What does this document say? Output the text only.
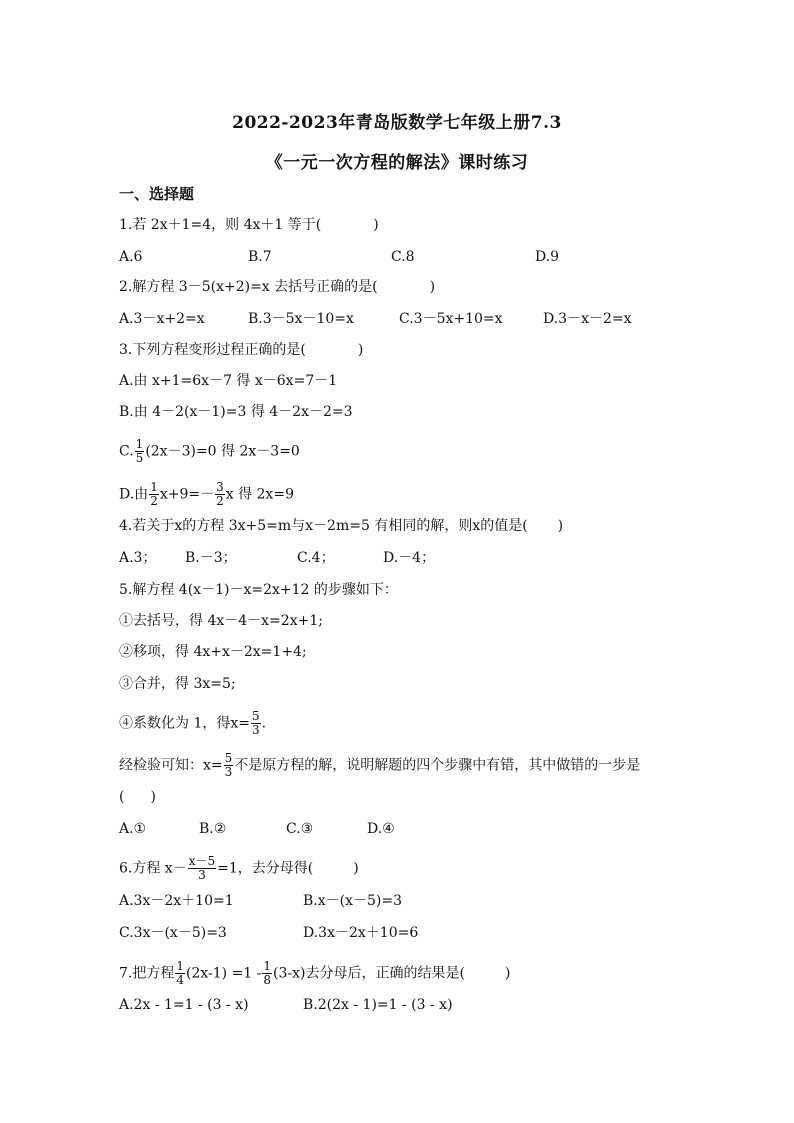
2022-2023年青岛版数学七年级上册7.3
《一元一次方程的解法》课时练习
一、选择题
1.若 2x＋1=4，则 4x＋1 等于(	)
A.6	B.7	C.8	D.9
2.解方程 3－5(x+2)=x 去括号正确的是(	)
A.3－x+2=x	B.3－5x－10=x	C.3－5x+10=x	D.3－x－2=x
3.下列方程变形过程正确的是(	)
A.由 x+1=6x－7 得 x－6x=7－1
B.由 4－2(x－1)=3 得 4－2x－2=3
C. $\frac{1}{5} (2x-3)=0$ 得 2x－3=0
D.由 $\frac{1}{2} x+9=- \frac{3}{2}$ x 得 2x=9
4.若关于x的方程 3x+5=m与x－2m=5 有相同的解，则x的值是( )
A.3； B.－3；	C.4；	D.－4；
5.解方程 4(x－1)－x=2x+12 的步骤如下：
①去括号，得 4x－4－x=2x+1;
②移项，得 4x+x－2x=1+4;
③合并，得 3x=5;
④系数化为 1，得$x= \frac{5}{3}$ .
经检验可知：$x= \frac{5}{3}$ 不是原方程的解，说明解题的四个步骤中有错，其中做错的一步是
( )
A.①	B.②	C.③	D.④
6.方程 $x- \frac{x-5}{3} =1$，去分母得(	)
A.3x－2x＋10=1	B.x－(x－5)=3
C.3x－(x－5)=3	D.3x－2x＋10=6
7.把方程 $\frac{1}{4} (2x-1) =1 - \frac{1}{8} (3-x)$去分母后，正确的结果是(	)
A.2x - 1=1 - (3 - x)	B.2(2x - 1)=1 - (3 - x)
